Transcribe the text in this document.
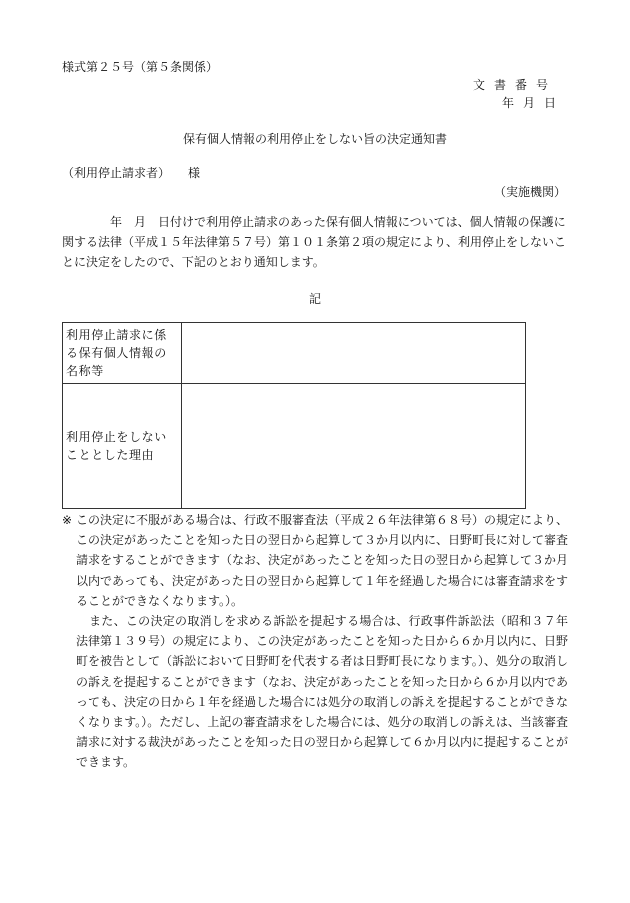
様式第２５号（第５条関係）
文書番号
年月日
保有個人情報の利用停止をしない旨の決定通知書
（利用停止請求者）　　様
（実施機関）
年　月　日付けで利用停止請求のあった保有個人情報については、個人情報の保護に関する法律（平成１５年法律第５７号）第１０１条第２項の規定により、利用停止をしないことに決定をしたので、下記のとおり通知します。
記
利用停止請求に係る保有個人情報の名称等	
利用停止をしないこととした理由	

※ この決定に不服がある場合は、行政不服審査法（平成２６年法律第６８号）の規定により、この決定があったことを知った日の翌日から起算して３か月以内に、日野町長に対して審査請求をすることができます（なお、決定があったことを知った日の翌日から起算して３か月以内であっても、決定があった日の翌日から起算して１年を経過した場合には審査請求をすることができなくなります。）。

また、この決定の取消しを求める訴訟を提起する場合は、行政事件訴訟法（昭和３７年法律第１３９号）の規定により、この決定があったことを知った日から６か月以内に、日野町を被告として（訴訟において日野町を代表する者は日野町長になります。）、処分の取消しの訴えを提起することができます（なお、決定があったことを知った日から６か月以内であっても、決定の日から１年を経過した場合には処分の取消しの訴えを提起することができなくなります。）。ただし、上記の審査請求をした場合には、処分の取消しの訴えは、当該審査請求に対する裁決があったことを知った日の翌日から起算して６か月以内に提起することができます。
